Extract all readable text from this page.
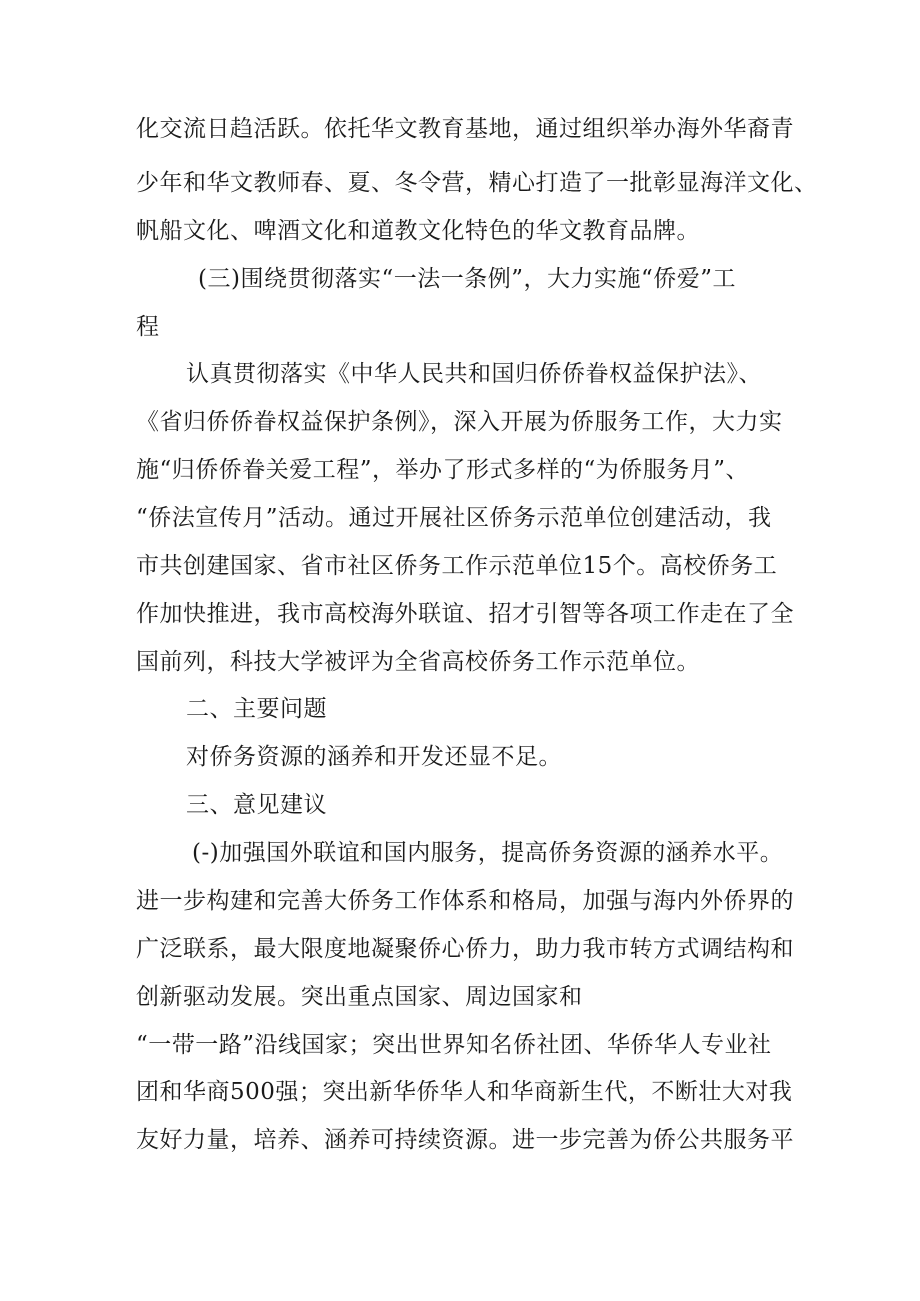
化交流日趋活跃。依托华文教育基地，通过组织举办海外华裔青
少年和华文教师春、夏、冬令营，精心打造了一批彰显海洋文化、
帆船文化、啤酒文化和道教文化特色的华文教育品牌。
(三)围绕贯彻落实“一法一条例”，大力实施“侨爱”工
程
认真贯彻落实《中华人民共和国归侨侨眷权益保护法》、
《省归侨侨眷权益保护条例》，深入开展为侨服务工作，大力实
施“归侨侨眷关爱工程”，举办了形式多样的“为侨服务月”、
“侨法宣传月”活动。通过开展社区侨务示范单位创建活动，我
市共创建国家、省市社区侨务工作示范单位15个。高校侨务工
作加快推进，我市高校海外联谊、招才引智等各项工作走在了全
国前列，科技大学被评为全省高校侨务工作示范单位。
二、主要问题
对侨务资源的涵养和开发还显不足。
三、意见建议
(-)加强国外联谊和国内服务，提高侨务资源的涵养水平。
进一步构建和完善大侨务工作体系和格局，加强与海内外侨界的
广泛联系，最大限度地凝聚侨心侨力，助力我市转方式调结构和
创新驱动发展。突出重点国家、周边国家和
“一带一路”沿线国家；突出世界知名侨社团、华侨华人专业社
团和华商500强；突出新华侨华人和华商新生代，不断壮大对我
友好力量，培养、涵养可持续资源。进一步完善为侨公共服务平
